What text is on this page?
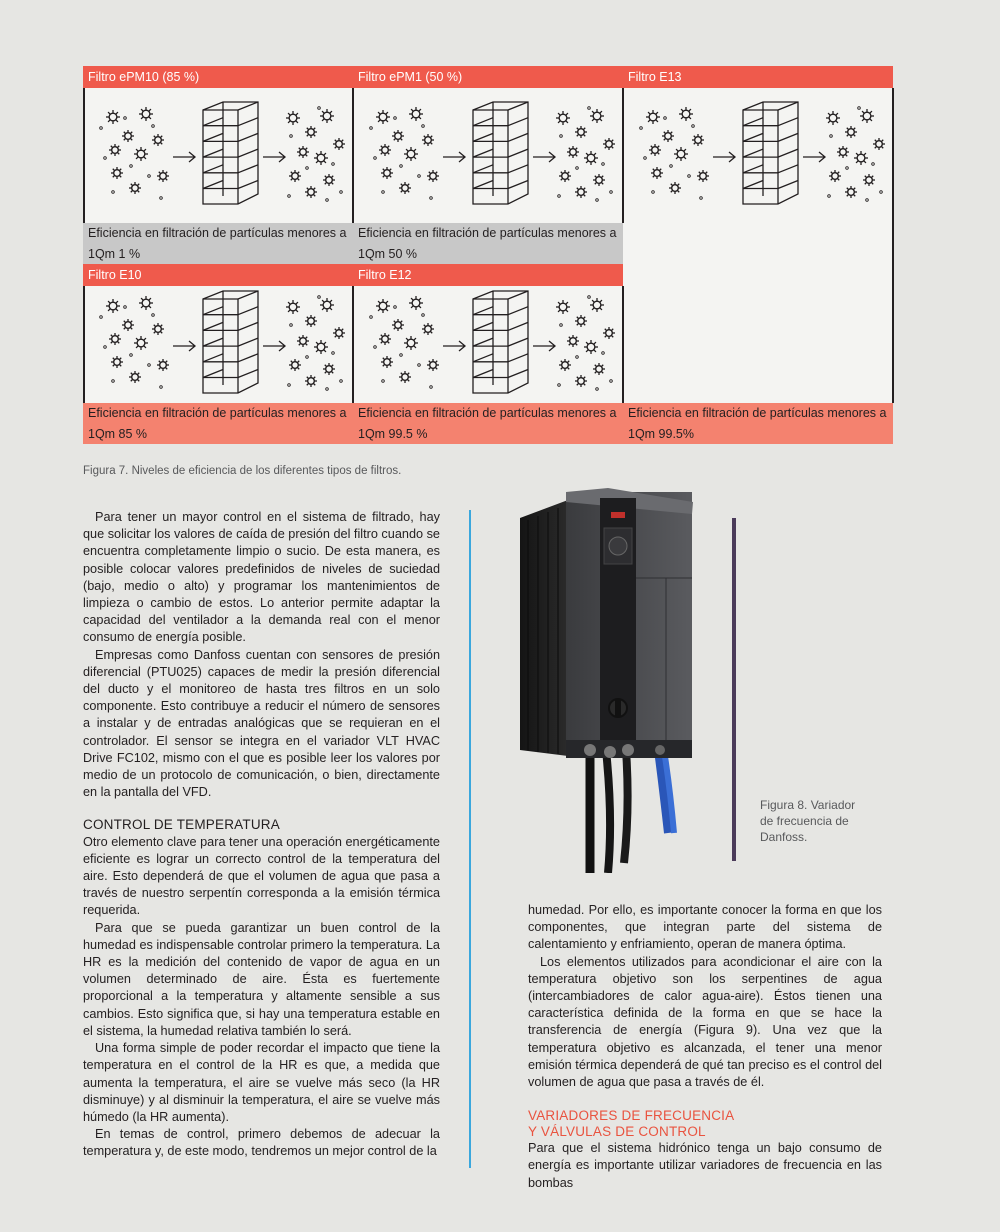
Filtro ePM10 (85 %)
Eficiencia en filtración de partículas menores a
1Qm 1 %
Filtro ePM1 (50 %)
Eficiencia en filtración de partículas menores a
1Qm 50 %
Filtro E13
Eficiencia en filtración de partículas menores a
1Qm 99.5%
Filtro E10
Eficiencia en filtración de partículas menores a
1Qm 85 %
Filtro E12
Eficiencia en filtración de partículas menores a
1Qm 99.5 %
Figura 7. Niveles de eficiencia de los diferentes tipos de filtros.

Para tener un mayor control en el sistema de filtrado, hay que solicitar los valores de caída de presión del filtro cuando se encuentra completamente limpio o sucio. De esta manera, es posible colocar valores predefinidos de niveles de suciedad (bajo, medio o alto) y programar los mantenimientos de limpieza o cambio de estos. Lo anterior permite adaptar la capacidad del ventilador a la demanda real con el menor consumo de energía posible.

Empresas como Danfoss cuentan con sensores de presión diferencial (PTU025) capaces de medir la presión diferencial del ducto y el monitoreo de hasta tres filtros en un solo componente. Esto contribuye a reducir el número de sensores a instalar y de entradas analógicas que se requieran en el controlador. El sensor se integra en el variador VLT HVAC Drive FC102, mismo con el que es posible leer los valores por medio de un protocolo de comunicación, o bien, directamente en la pantalla del VFD.

CONTROL DE TEMPERATURA

Otro elemento clave para tener una operación energéticamente eficiente es lograr un correcto control de la temperatura del aire. Esto dependerá de que el volumen de agua que pasa a través de nuestro serpentín corresponda a la emisión térmica requerida.

Para que se pueda garantizar un buen control de la humedad es indispensable controlar primero la temperatura. La HR es la medición del contenido de vapor de agua en un volumen determinado de aire. Ésta es fuertemente proporcional a la temperatura y altamente sensible a sus cambios. Esto significa que, si hay una temperatura estable en el sistema, la humedad relativa también lo será.

Una forma simple de poder recordar el impacto que tiene la temperatura en el control de la HR es que, a medida que aumenta la temperatura, el aire se vuelve más seco (la HR disminuye) y al disminuir la temperatura, el aire se vuelve más húmedo (la HR aumenta).

En temas de control, primero debemos de adecuar la temperatura y, de este modo, tendremos un mejor control de la

Figura 8. Variador de frecuencia de Danfoss.

humedad. Por ello, es importante conocer la forma en que los componentes, que integran parte del sistema de calentamiento y enfriamiento, operan de manera óptima.

Los elementos utilizados para acondicionar el aire con la temperatura objetivo son los serpentines de agua (intercambiadores de calor agua-aire). Éstos tienen una característica definida de la forma en que se hace la transferencia de energía (Figura 9). Una vez que la temperatura objetivo es alcanzada, el tener una menor emisión térmica dependerá de qué tan preciso es el control del volumen de agua que pasa a través de él.

VARIADORES DE FRECUENCIA
Y VÁLVULAS DE CONTROL

Para que el sistema hidrónico tenga un bajo consumo de energía es importante utilizar variadores de frecuencia en las bombas
